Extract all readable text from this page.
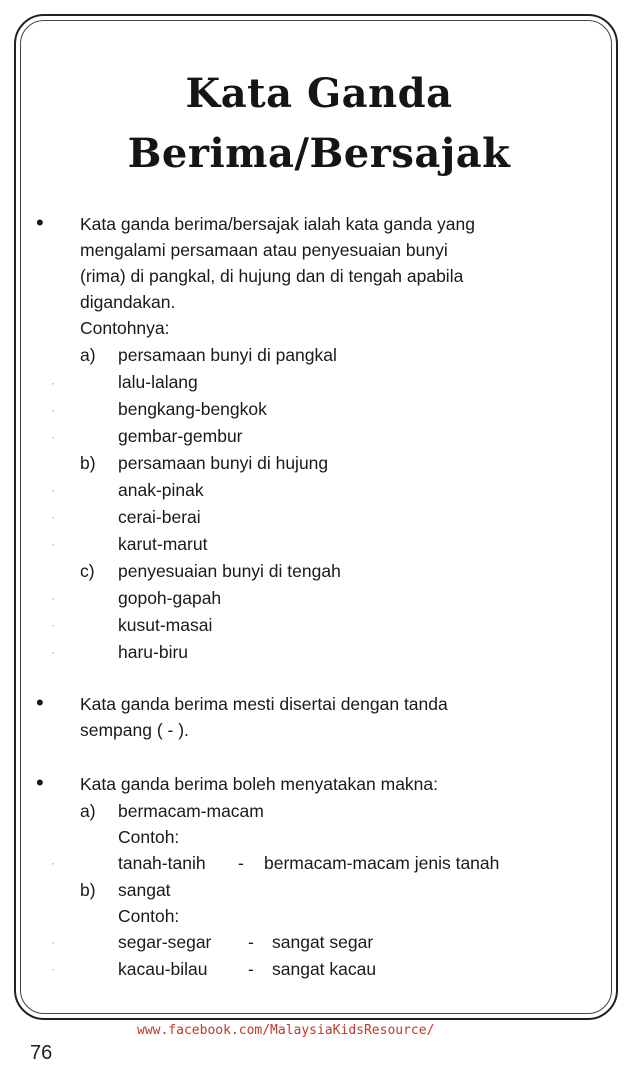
Kata Ganda
Berima/Bersajak
• Kata ganda berima/bersajak ialah kata ganda yang
mengalami persamaan atau penyesuaian bunyi
(rima) di pangkal, di hujung dan di tengah apabila
digandakan.
Contohnya:
a) persamaan bunyi di pangkal
·	lalu-lalang
·	bengkang-bengkok
·	gembar-gembur
b) persamaan bunyi di hujung
·	anak-pinak
·	cerai-berai
·	karut-marut
c) penyesuaian bunyi di tengah
·	gopoh-gapah
·	kusut-masai
·	haru-biru
• Kata ganda berima mesti disertai dengan tanda
sempang ( - ).
• Kata ganda berima boleh menyatakan makna:
a) bermacam-macam
Contoh:
·	tanah-tanih - bermacam-macam jenis tanah
b) sangat
Contoh:
·	segar-segar - sangat segar
·	kacau-bilau - sangat kacau
www.facebook.com/MalaysiaKidsResource/
76
